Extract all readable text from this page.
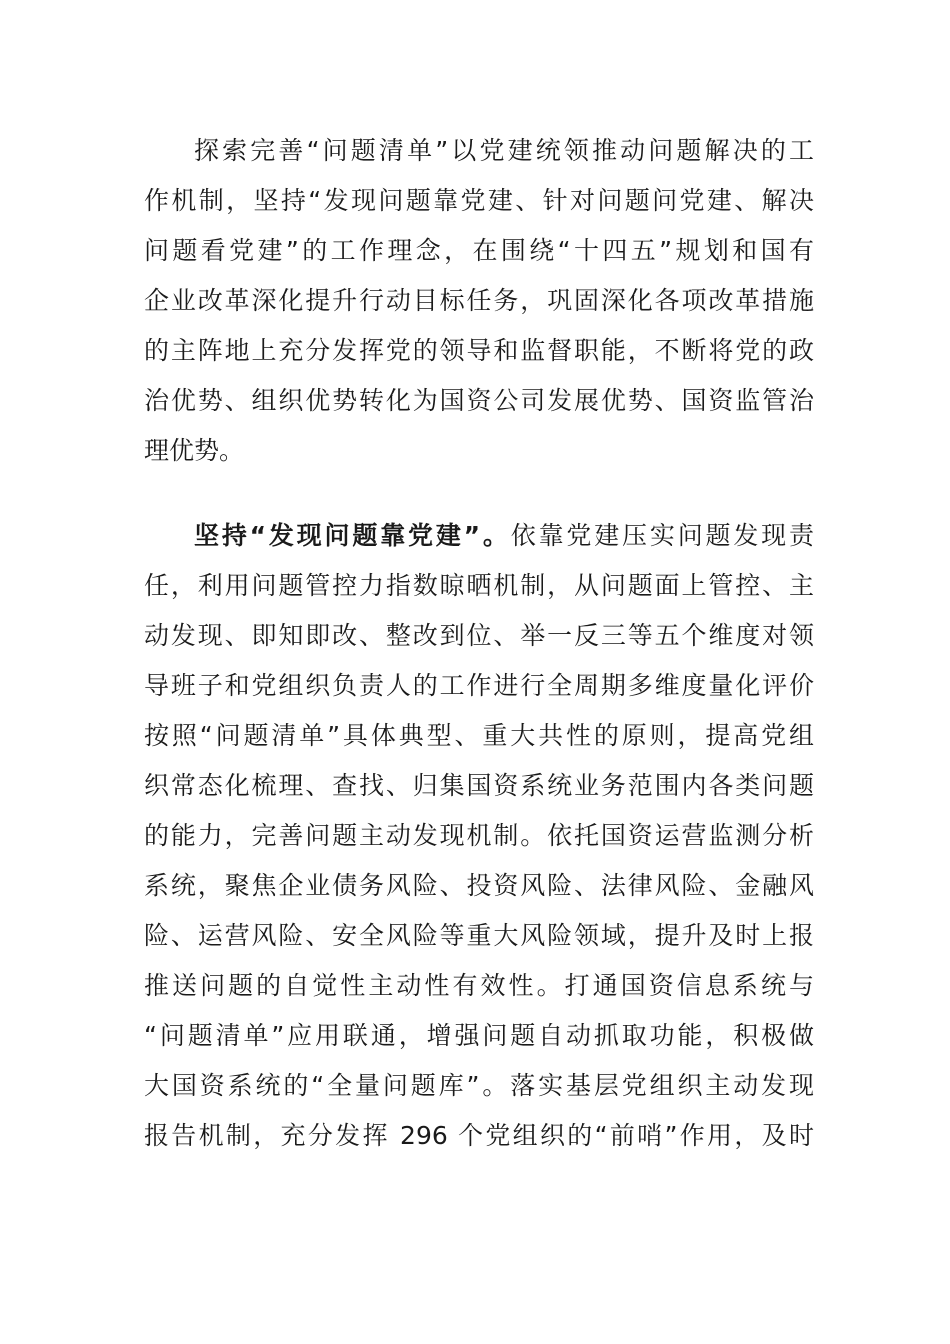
探索完善“问题清单”以党建统领推动问题解决的工
作机制，坚持“发现问题靠党建、针对问题问党建、解决
问题看党建”的工作理念，在围绕“十四五”规划和国有
企业改革深化提升行动目标任务，巩固深化各项改革措施
的主阵地上充分发挥党的领导和监督职能，不断将党的政
治优势、组织优势转化为国资公司发展优势、国资监管治
理优势。
坚持“发现问题靠党建”。依靠党建压实问题发现责
任，利用问题管控力指数晾晒机制，从问题面上管控、主
动发现、即知即改、整改到位、举一反三等五个维度对领
导班子和党组织负责人的工作进行全周期多维度量化评价
按照“问题清单”具体典型、重大共性的原则，提高党组
织常态化梳理、查找、归集国资系统业务范围内各类问题
的能力，完善问题主动发现机制。依托国资运营监测分析
系统，聚焦企业债务风险、投资风险、法律风险、金融风
险、运营风险、安全风险等重大风险领域，提升及时上报
推送问题的自觉性主动性有效性。打通国资信息系统与
“问题清单”应用联通，增强问题自动抓取功能，积极做
大国资系统的“全量问题库”。落实基层党组织主动发现
报告机制，充分发挥 296 个党组织的“前哨”作用，及时
